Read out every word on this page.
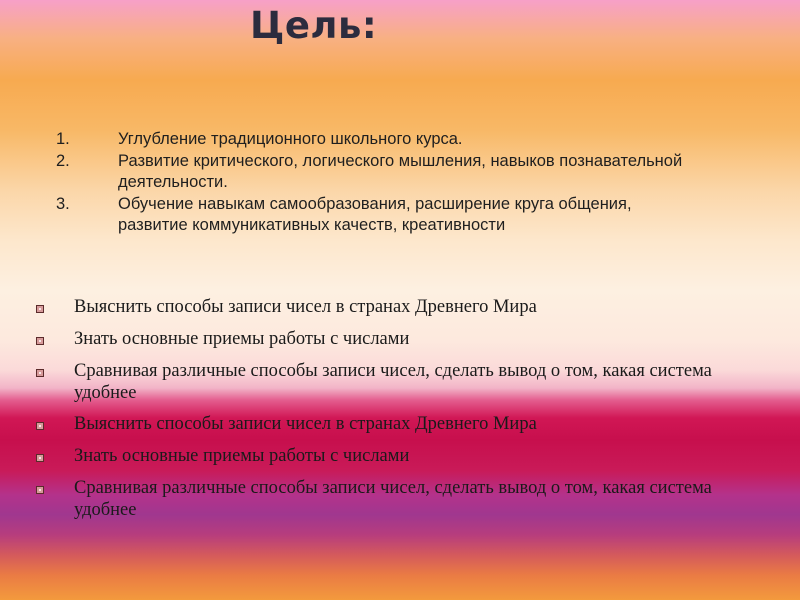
Цель:
1.	Углубление традиционного школьного курса.
2.	Развитие критического, логического мышления, навыков познавательной деятельности.
3.	Обучение навыкам самообразования, расширение круга общения, развитие коммуникативных качеств, креативности
Выяснить способы записи чисел в странах Древнего Мира
Знать основные приемы работы с числами
Сравнивая различные способы записи чисел, сделать вывод о том, какая система удобнее
Выяснить способы записи чисел в странах Древнего Мира
Знать основные приемы работы с числами
Сравнивая различные способы записи чисел, сделать вывод о том, какая система удобнее
